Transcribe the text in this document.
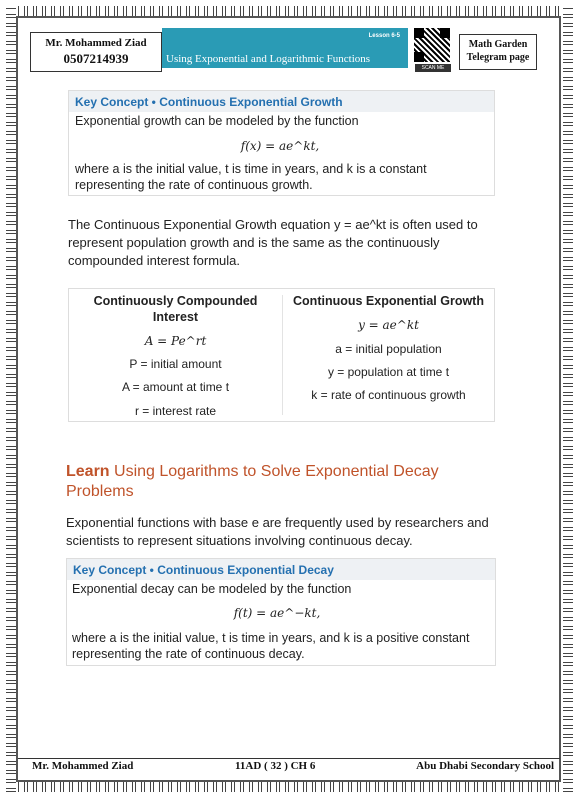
Mr. Mohammed Ziad
0507214939
Lesson 6-5
Using Exponential and Logarithmic Functions
SCAN ME
Math Garden
Telegram page
Key Concept • Continuous Exponential Growth
Exponential growth can be modeled by the function
f(x) = ae^kt,
where a is the initial value, t is time in years, and k is a constant representing the rate of continuous growth.
The Continuous Exponential Growth equation y = ae^kt is often used to represent population growth and is the same as the continuously compounded interest formula.
Continuously Compounded Interest
A = Pe^rt
P = initial amount
A = amount at time t
r = interest rate
Continuous Exponential Growth
y = ae^kt
a = initial population
y = population at time t
k = rate of continuous growth
Learn Using Logarithms to Solve Exponential Decay Problems
Exponential functions with base e are frequently used by researchers and scientists to represent situations involving continuous decay.
Key Concept • Continuous Exponential Decay
Exponential decay can be modeled by the function
f(t) = ae^−kt,
where a is the initial value, t is time in years, and k is a positive constant representing the rate of continuous decay.
Mr. Mohammed Ziad	11AD ( 32 ) CH 6	Abu Dhabi Secondary School
